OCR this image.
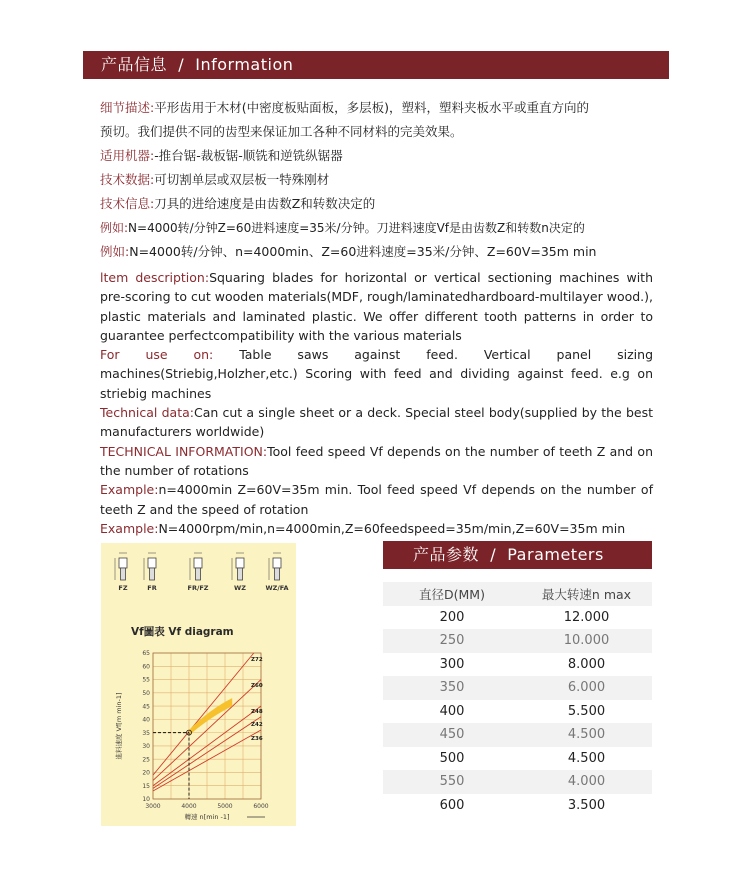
产品信息 / Information
细节描述:平形齿用于木材(中密度板贴面板，多层板)，塑料，塑料夹板水平或重直方向的
预切。我们提供不同的齿型来保证加工各种不同材料的完美效果。
适用机器:-推台锯-裁板锯-顺铣和逆铣纵锯器
技术数据:可切割单层或双层板一特殊刚材
技术信息:刀具的进给速度是由齿数Z和转数决定的
例如:N=4000转/分钟Z=60进料速度=35米/分钟。刀进料速度Vf是由齿数Z和转数n决定的
例如:N=4000转/分钟、n=4000min、Z=60进料速度=35米/分钟、Z=60V=35m min

ltem description:Squaring blades for horizontal or vertical sectioning machines with pre-scoring to cut wooden materials(MDF, rough/laminatedhardboard-multilayer wood.), plastic materials and laminated plastic. We offer different tooth patterns in order to guarantee perfectcompatibility with the various materials

For use on: Table saws against feed. Vertical panel sizing machines(Striebig,Holzher,etc.) Scoring with feed and dividing against feed. e.g on striebig machines

Technical data:Can cut a single sheet or a deck. Special steel body(supplied by the best manufacturers worldwide)

TECHNICAL INFORMATION:Tool feed speed Vf depends on the number of teeth Z and on the number of rotations

Example:n=4000min Z=60V=35m min. Tool feed speed Vf depends on the number of teeth Z and the speed of rotation

Example:N=4000rpm/min,n=4000min,Z=60feedspeed=35m/min,Z=60V=35m min

FZ	FR	FR/FZ	WZ	WZ/FA
Vf圖表 Vf diagram
10
15
20
25
30
35
40
45
50
55
60
65
3000	4000	5000	6000
Z72
Z60
Z48
Z42
Z36
進料速度 Vf[m min-1]
轉速 n[min -1]
产品参数 / Parameters
直径D(MM)	最大转速n max
200	12.000
250	10.000
300	8.000
350	6.000
400	5.500
450	4.500
500	4.500
550	4.000
600	3.500
